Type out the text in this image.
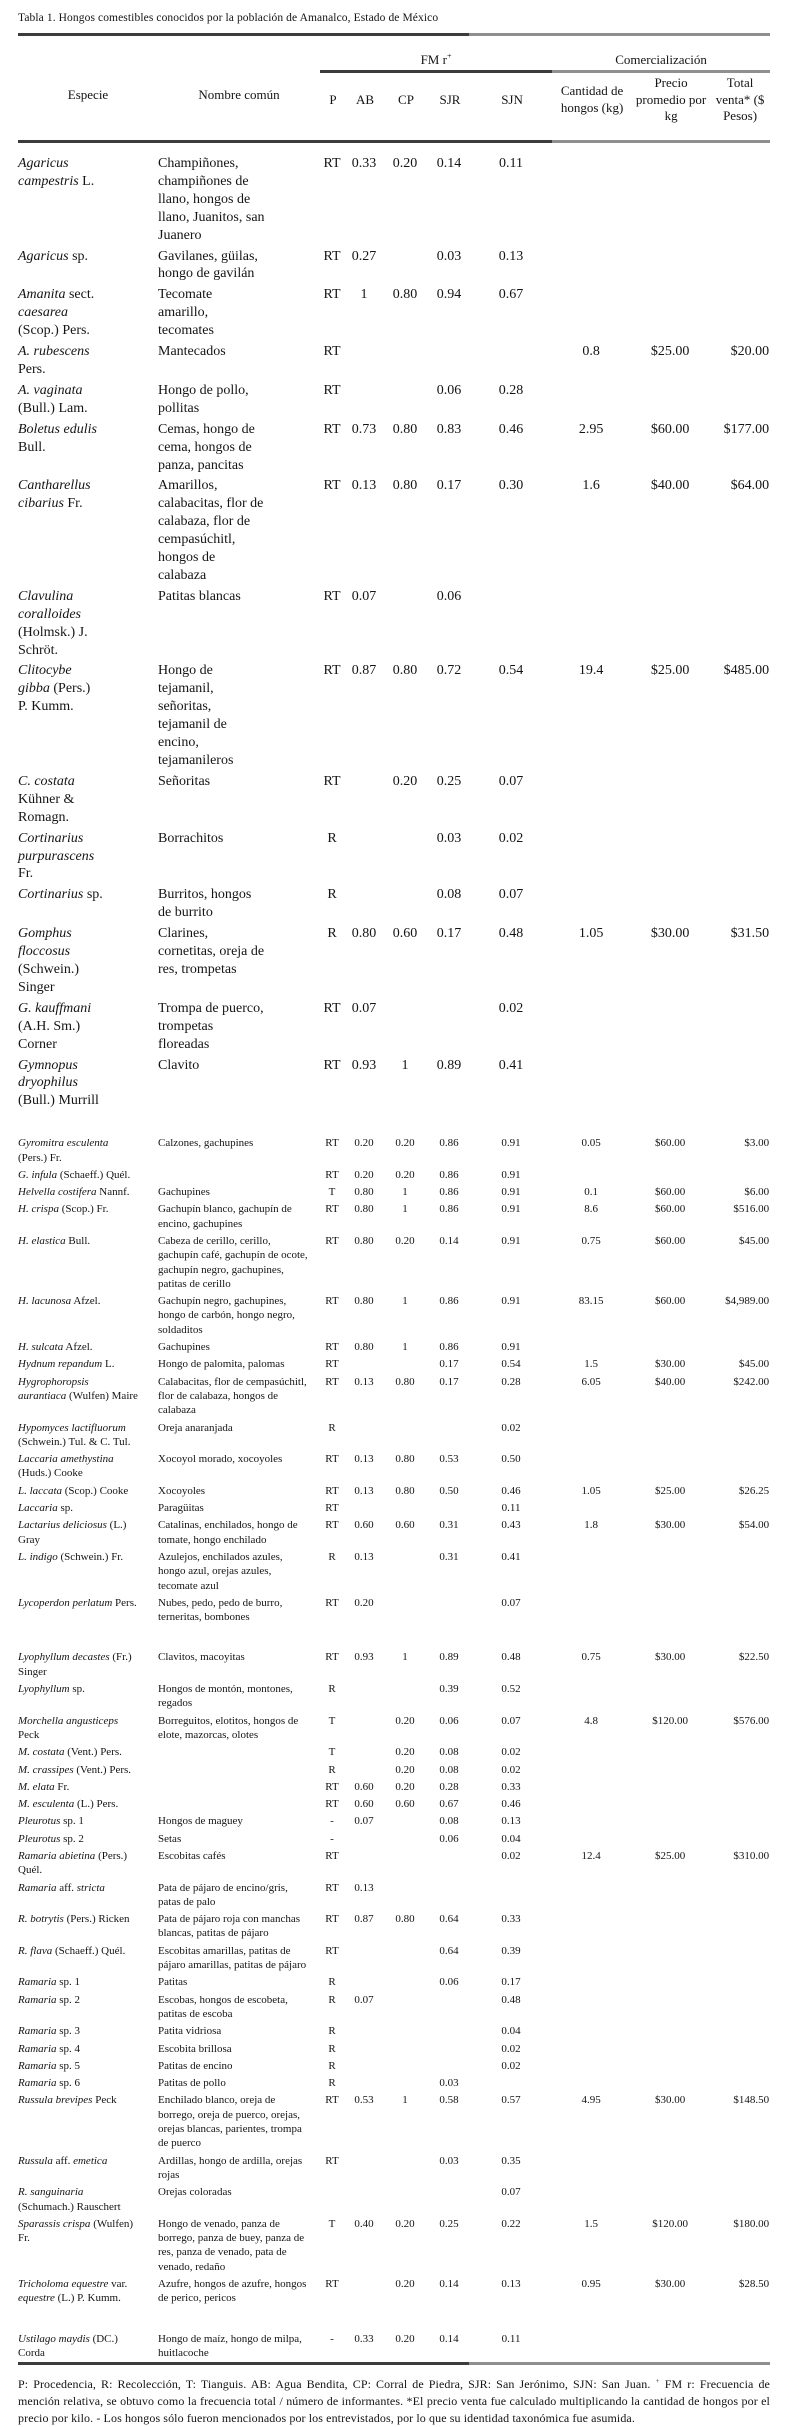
Tabla 1. Hongos comestibles conocidos por la población de Amanalco, Estado de México
Especie	Nombre común	FM r+					Comercialización		
		P	AB	CP	SJR	SJN	Cantidad de hongos (kg)	Precio promedio por kg	Total venta* ($ Pesos)
Agaricus campestris L.	Champiñones, champiñones de llano, hongos de llano, Juanitos, san Juanero	RT	0.33	0.20	0.14	0.11			
Agaricus sp.	Gavilanes, güilas, hongo de gavilán	RT	0.27		0.03	0.13			
Amanita sect. caesarea (Scop.) Pers.	Tecomate amarillo, tecomates	RT	1	0.80	0.94	0.67			
A. rubescens Pers.	Mantecados	RT					0.8	$25.00	$20.00
A. vaginata (Bull.) Lam.	Hongo de pollo, pollitas	RT			0.06	0.28			
Boletus edulis Bull.	Cemas, hongo de cema, hongos de panza, pancitas	RT	0.73	0.80	0.83	0.46	2.95	$60.00	$177.00
Cantharellus cibarius Fr.	Amarillos, calabacitas, flor de calabaza, flor de cempasúchitl, hongos de calabaza	RT	0.13	0.80	0.17	0.30	1.6	$40.00	$64.00
Clavulina coralloides (Holmsk.) J. Schröt.	Patitas blancas	RT	0.07		0.06				
Clitocybe gibba (Pers.) P. Kumm.	Hongo de tejamanil, señoritas, tejamanil de encino, tejamanileros	RT	0.87	0.80	0.72	0.54	19.4	$25.00	$485.00
C. costata Kühner & Romagn.	Señoritas	RT		0.20	0.25	0.07			
Cortinarius purpurascens Fr.	Borrachitos	R			0.03	0.02			
Cortinarius sp.	Burritos, hongos de burrito	R			0.08	0.07			
Gomphus floccosus (Schwein.) Singer	Clarines, cornetitas, oreja de res, trompetas	R	0.80	0.60	0.17	0.48	1.05	$30.00	$31.50
G. kauffmani (A.H. Sm.) Corner	Trompa de puerco, trompetas floreadas	RT	0.07			0.02			
Gymnopus dryophilus (Bull.) Murrill	Clavito	RT	0.93	1	0.89	0.41			
Gyromitra esculenta (Pers.) Fr.	Calzones, gachupines	RT	0.20	0.20	0.86	0.91	0.05	$60.00	$3.00
G. infula (Schaeff.) Quél.		RT	0.20	0.20	0.86	0.91			
Helvella costifera Nannf.	Gachupines	T	0.80	1	0.86	0.91	0.1	$60.00	$6.00
H. crispa (Scop.) Fr.	Gachupín blanco, gachupín de encino, gachupines	RT	0.80	1	0.86	0.91	8.6	$60.00	$516.00
H. elastica Bull.	Cabeza de cerillo, cerillo, gachupín café, gachupín de ocote, gachupín negro, gachupines, patitas de cerillo	RT	0.80	0.20	0.14	0.91	0.75	$60.00	$45.00
H. lacunosa Afzel.	Gachupín negro, gachupines, hongo de carbón, hongo negro, soldaditos	RT	0.80	1	0.86	0.91	83.15	$60.00	$4,989.00
H. sulcata Afzel.	Gachupines	RT	0.80	1	0.86	0.91			
Hydnum repandum L.	Hongo de palomita, palomas	RT			0.17	0.54	1.5	$30.00	$45.00
Hygrophoropsis aurantiaca (Wulfen) Maire	Calabacitas, flor de cempasúchitl, flor de calabaza, hongos de calabaza	RT	0.13	0.80	0.17	0.28	6.05	$40.00	$242.00
Hypomyces lactifluorum (Schwein.) Tul. & C. Tul.	Oreja anaranjada	R				0.02			
Laccaria amethystina (Huds.) Cooke	Xocoyol morado, xocoyoles	RT	0.13	0.80	0.53	0.50			
L. laccata (Scop.) Cooke	Xocoyoles	RT	0.13	0.80	0.50	0.46	1.05	$25.00	$26.25
Laccaria sp.	Paragüitas	RT				0.11			
Lactarius deliciosus (L.) Gray	Catalinas, enchilados, hongo de tomate, hongo enchilado	RT	0.60	0.60	0.31	0.43	1.8	$30.00	$54.00
L. indigo (Schwein.) Fr.	Azulejos, enchilados azules, hongo azul, orejas azules, tecomate azul	R	0.13		0.31	0.41			
Lycoperdon perlatum Pers.	Nubes, pedo, pedo de burro, terneritas, bombones	RT	0.20			0.07			
Lyophyllum decastes (Fr.) Singer	Clavitos, macoyitas	RT	0.93	1	0.89	0.48	0.75	$30.00	$22.50
Lyophyllum sp.	Hongos de montón, montones, regados	R			0.39	0.52			
Morchella angusticeps Peck	Borreguitos, elotitos, hongos de elote, mazorcas, olotes	T		0.20	0.06	0.07	4.8	$120.00	$576.00
M. costata (Vent.) Pers.		T		0.20	0.08	0.02			
M. crassipes (Vent.) Pers.		R		0.20	0.08	0.02			
M. elata Fr.		RT	0.60	0.20	0.28	0.33			
M. esculenta (L.) Pers.		RT	0.60	0.60	0.67	0.46			
Pleurotus sp. 1	Hongos de maguey	-	0.07		0.08	0.13			
Pleurotus sp. 2	Setas	-			0.06	0.04			
Ramaria abietina (Pers.) Quél.	Escobitas cafés	RT				0.02	12.4	$25.00	$310.00
Ramaria aff. stricta	Pata de pájaro de encino/gris, patas de palo	RT	0.13						
R. botrytis (Pers.) Ricken	Pata de pájaro roja con manchas blancas, patitas de pájaro	RT	0.87	0.80	0.64	0.33			
R. flava (Schaeff.) Quél.	Escobitas amarillas, patitas de pájaro amarillas, patitas de pájaro	RT			0.64	0.39			
Ramaria sp. 1	Patitas	R			0.06	0.17			
Ramaria sp. 2	Escobas, hongos de escobeta, patitas de escoba	R	0.07			0.48			
Ramaria sp. 3	Patita vidriosa	R				0.04			
Ramaria sp. 4	Escobita brillosa	R				0.02			
Ramaria sp. 5	Patitas de encino	R				0.02			
Ramaria sp. 6	Patitas de pollo	R			0.03				
Russula brevipes Peck	Enchilado blanco, oreja de borrego, oreja de puerco, orejas, orejas blancas, parientes, trompa de puerco	RT	0.53	1	0.58	0.57	4.95	$30.00	$148.50
Russula aff. emetica	Ardillas, hongo de ardilla, orejas rojas	RT			0.03	0.35			
R. sanguinaria (Schumach.) Rauschert	Orejas coloradas					0.07			
Sparassis crispa (Wulfen) Fr.	Hongo de venado, panza de borrego, panza de buey, panza de res, panza de venado, pata de venado, redaño	T	0.40	0.20	0.25	0.22	1.5	$120.00	$180.00
Tricholoma equestre var. equestre (L.) P. Kumm.	Azufre, hongos de azufre, hongos de perico, pericos	RT		0.20	0.14	0.13	0.95	$30.00	$28.50
Ustilago maydis (DC.) Corda	Hongo de maíz, hongo de milpa, huitlacoche	-	0.33	0.20	0.14	0.11			

P: Procedencia, R: Recolección, T: Tianguis. AB: Agua Bendita, CP: Corral de Piedra, SJR: San Jerónimo, SJN: San Juan. + FM r: Frecuencia de mención relativa, se obtuvo como la frecuencia total / número de informantes. *El precio venta fue calculado multiplicando la cantidad de hongos por el precio por kilo. - Los hongos sólo fueron mencionados por los entrevistados, por lo que su identidad taxonómica fue asumida.
